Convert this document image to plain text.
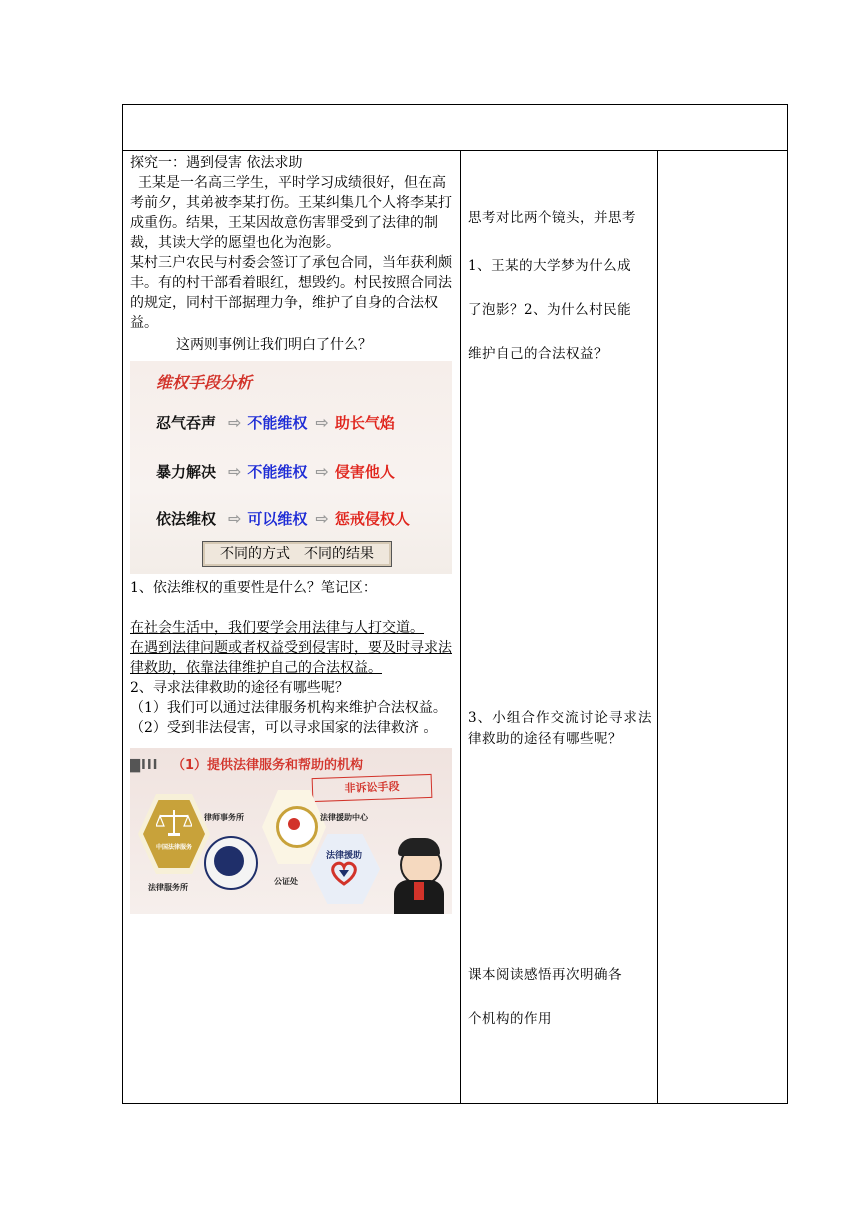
探究一：遇到侵害 依法求助

王某是一名高三学生，平时学习成绩很好，但在高考前夕，其弟被李某打伤。王某纠集几个人将李某打成重伤。结果，王某因故意伤害罪受到了法律的制裁，其读大学的愿望也化为泡影。

某村三户农民与村委会签订了承包合同，当年获利颇丰。有的村干部看着眼红，想毁约。村民按照合同法的规定，同村干部据理力争，维护了自身的合法权益。

这两则事例让我们明白了什么？

维权手段分析
忍气吞声 ⇨ 不能维权 ⇨ 助长气焰
暴力解决 ⇨ 不能维权 ⇨ 侵害他人
依法维权 ⇨ 可以维权 ⇨ 惩戒侵权人
不同的方式 不同的结果

1、依法维权的重要性是什么？笔记区：

在社会生活中，我们要学会用法律与人打交道。

在遇到法律问题或者权益受到侵害时，要及时寻求法律救助，依靠法律维护自己的合法权益。

2、寻求法律救助的途径有哪些呢？

（1）我们可以通过法律服务机构来维护合法权益。

（2）受到非法侵害，可以寻求国家的法律救济 。

▇III （1）提供法律服务和帮助的机构
非诉讼手段
中国法律服务
律师事务所
法律服务所
公证处
法律援助中心
法律援助
思考对比两个镜头，并思考
1、王某的大学梦为什么成
了泡影？2、为什么村民能
维护自己的合法权益？
3、小组合作交流讨论寻求法律救助的途径有哪些呢？
课本阅读感悟再次明确各
个机构的作用
